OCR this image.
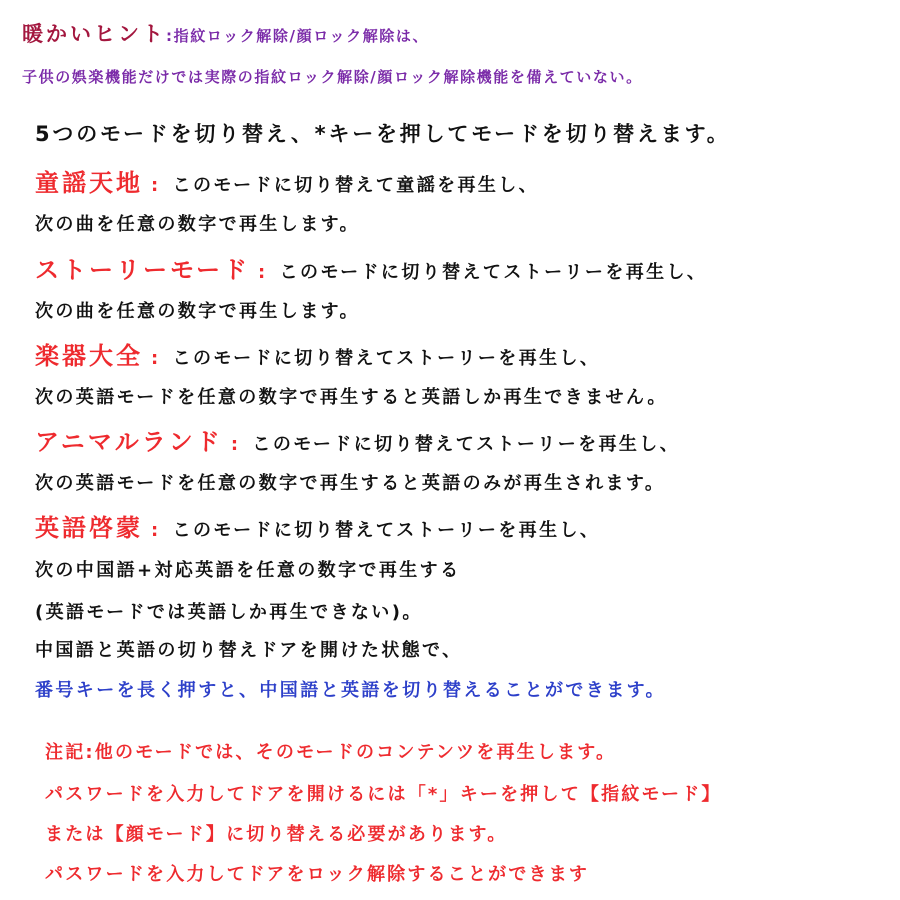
暖かいヒント:指紋ロック解除/顔ロック解除は、
子供の娯楽機能だけでは実際の指紋ロック解除/顔ロック解除機能を備えていない。
5つのモードを切り替え、*キーを押してモードを切り替えます。
童謡天地 : このモードに切り替えて童謡を再生し、
次の曲を任意の数字で再生します。
ストーリーモード : このモードに切り替えてストーリーを再生し、
次の曲を任意の数字で再生します。
楽器大全 : このモードに切り替えてストーリーを再生し、
次の英語モードを任意の数字で再生すると英語しか再生できません。
アニマルランド : このモードに切り替えてストーリーを再生し、
次の英語モードを任意の数字で再生すると英語のみが再生されます。
英語啓蒙 : このモードに切り替えてストーリーを再生し、
次の中国語+対応英語を任意の数字で再生する
(英語モードでは英語しか再生できない)。
中国語と英語の切り替えドアを開けた状態で、
番号キーを長く押すと、中国語と英語を切り替えることができます。
注記:他のモードでは、そのモードのコンテンツを再生します。
パスワードを入力してドアを開けるには「*」キーを押して【指紋モード】
または【顔モード】に切り替える必要があります。
パスワードを入力してドアをロック解除することができます
